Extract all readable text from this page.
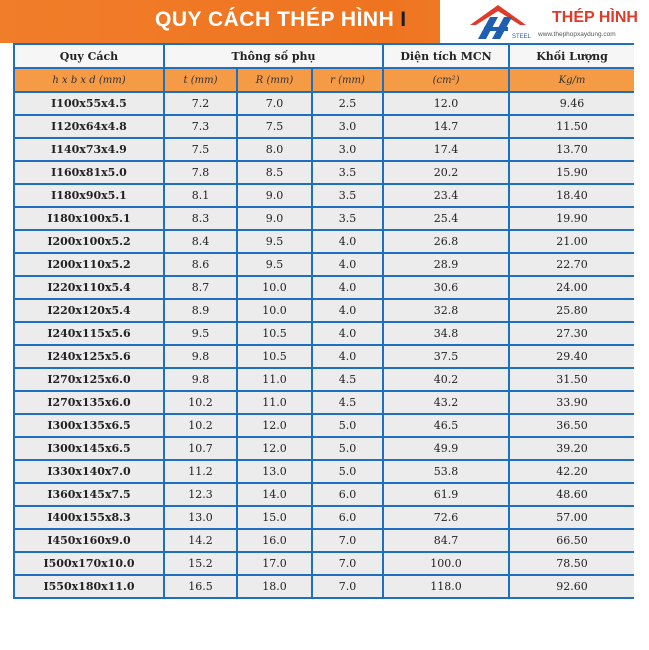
QUY CÁCH THÉP HÌNH I
STEEL
THÉP HÌNH
www.thephopxaydung.com
Quy Cách	Thông số phụ			Diện tích MCN	Khối Lượng
h x b x d (mm)	t (mm)	R (mm)	r (mm)	(cm²)	Kg/m
I100x55x4.5	7.2	7.0	2.5	12.0	9.46
I120x64x4.8	7.3	7.5	3.0	14.7	11.50
I140x73x4.9	7.5	8.0	3.0	17.4	13.70
I160x81x5.0	7.8	8.5	3.5	20.2	15.90
I180x90x5.1	8.1	9.0	3.5	23.4	18.40
I180x100x5.1	8.3	9.0	3.5	25.4	19.90
I200x100x5.2	8.4	9.5	4.0	26.8	21.00
I200x110x5.2	8.6	9.5	4.0	28.9	22.70
I220x110x5.4	8.7	10.0	4.0	30.6	24.00
I220x120x5.4	8.9	10.0	4.0	32.8	25.80
I240x115x5.6	9.5	10.5	4.0	34.8	27.30
I240x125x5.6	9.8	10.5	4.0	37.5	29.40
I270x125x6.0	9.8	11.0	4.5	40.2	31.50
I270x135x6.0	10.2	11.0	4.5	43.2	33.90
I300x135x6.5	10.2	12.0	5.0	46.5	36.50
I300x145x6.5	10.7	12.0	5.0	49.9	39.20
I330x140x7.0	11.2	13.0	5.0	53.8	42.20
I360x145x7.5	12.3	14.0	6.0	61.9	48.60
I400x155x8.3	13.0	15.0	6.0	72.6	57.00
I450x160x9.0	14.2	16.0	7.0	84.7	66.50
I500x170x10.0	15.2	17.0	7.0	100.0	78.50
I550x180x11.0	16.5	18.0	7.0	118.0	92.60
